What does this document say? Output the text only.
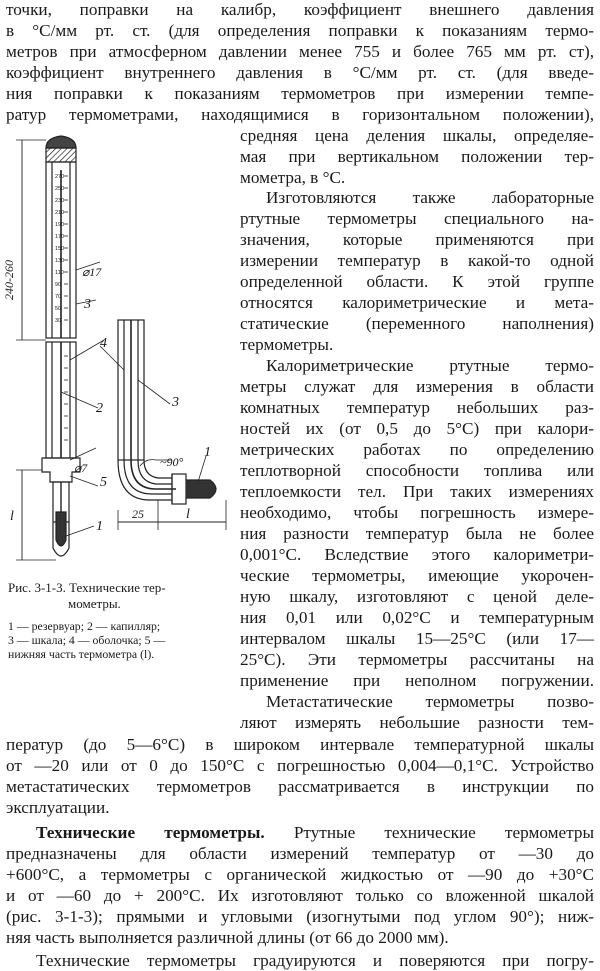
точки, поправки на калибр, коэффициент внешнего давления
в °С/мм рт. ст. (для определения поправки к показаниям термо-
метров при атмосферном давлении менее 755 и более 765 мм рт. ст),
коэффициент внутреннего давления в °С/мм рт. ст. (для введе-
ния поправки к показаниям термометров при измерении темпе-
ратур термометрами, находящимися в горизонтальном положении),
средняя цена деления шкалы, определяе-
мая при вертикальном положении тер-
мометра, в °С.
Изготовляются также лабораторные
ртутные термометры специального на-
значения, которые применяются при
измерении температур в какой-то одной
определенной области. К этой группе
относятся калориметрические и мета-
статические (переменного наполнения)
термометры.
Калориметрические ртутные термо-
метры служат для измерения в области
комнатных температур небольших раз-
ностей их (от 0,5 до 5°С) при калори-
метрических работах по определению
теплотворной способности топлива или
теплоемкости тел. При таких измерениях
необходимо, чтобы погрешность измере-
ния разности температур была не более
0,001°С. Вследствие этого калориметри-
ческие термометры, имеющие укорочен-
ную шкалу, изготовляют с ценой деле-
ния 0,01 или 0,02°С и температурным
интервалом шкалы 15—25°С (или 17—
25°С). Эти термометры рассчитаны на
применение при неполном погружении.
Метастатические термометры позво-
ляют измерять небольшие разности тем-
Рис. 3-1-3. Технические тер-
мометры.
1 — резервуар; 2 — капилляр;
3 — шкала; 4 — оболочка; 5 —
нижняя часть термометра (l).
ператур (до 5—6°С) в широком интервале температурной шкалы
от —20 или от 0 до 150°С с погрешностью 0,004—0,1°С. Устройство
метастатических термометров рассматривается в инструкции по
эксплуатации.
Технические термометры. Ртутные технические термометры
предназначены для области измерений температур от —30 до
+600°С, а термометры с органической жидкостью от —90 до +30°С
и от —60 до + 200°С. Их изготовляют только со вложенной шкалой
(рис. 3-1-3); прямыми и угловыми (изогнутыми под углом 90°); ниж-
няя часть выполняется различной длины (от 66 до 2000 мм).
Технические термометры градуируются и поверяются при погру-
240-260	⌀17
3
4
2	3
⌀7
5
1
1
~90°
25	l
l
270
250
230
210
190
170
150
130
110
90
70
50
30
